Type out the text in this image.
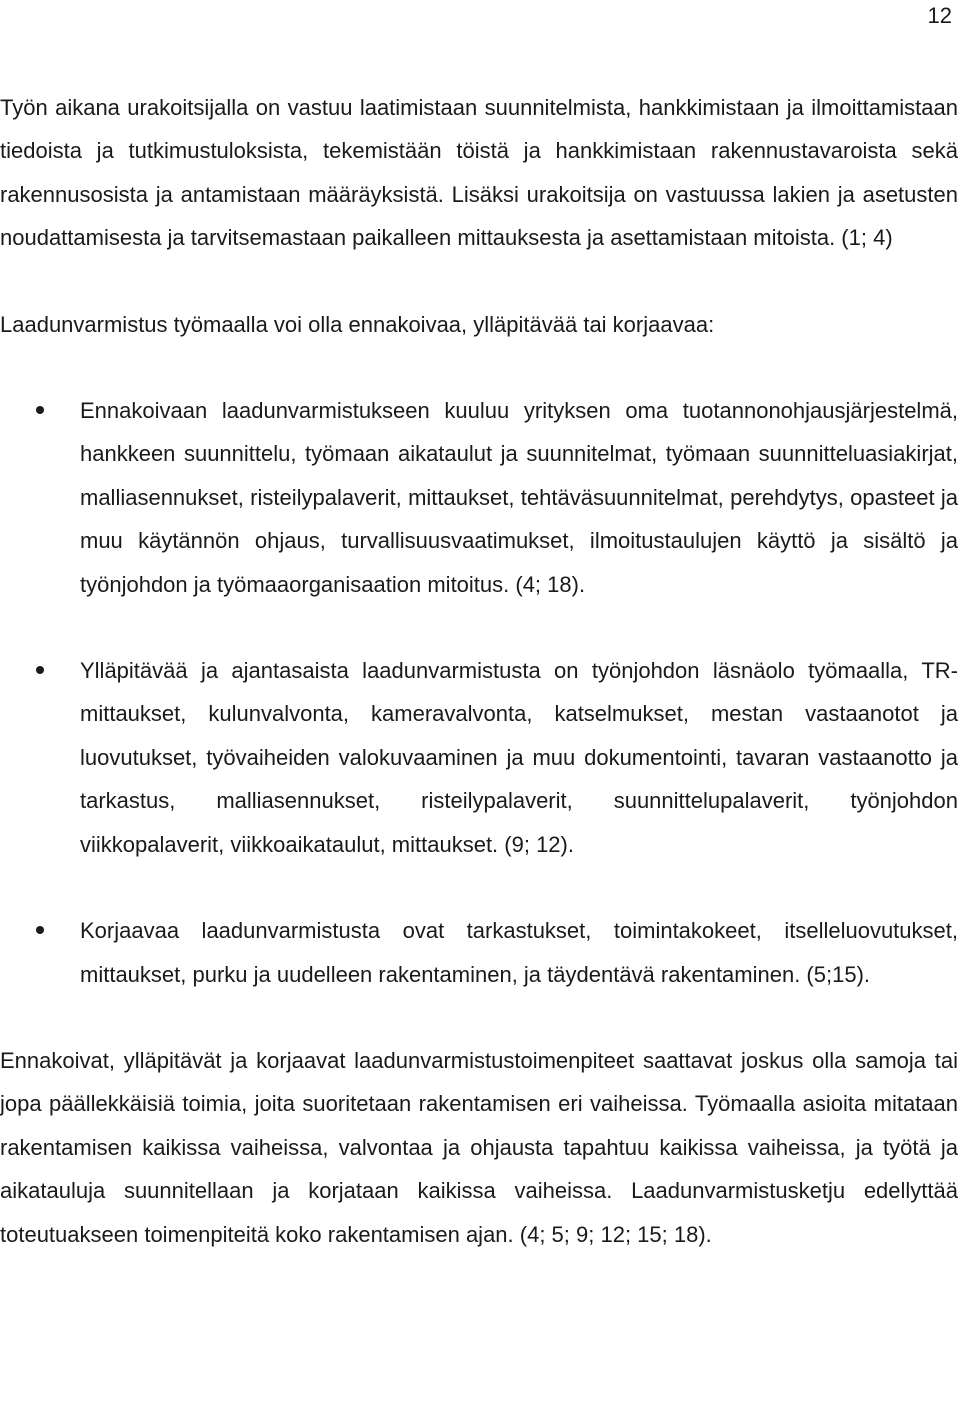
12

Työn aikana urakoitsijalla on vastuu laatimistaan suunnitelmista, hankkimistaan ja ilmoittamistaan tiedoista ja tutkimustuloksista, tekemistään töistä ja hankkimistaan rakennustavaroista sekä rakennusosista ja antamistaan määräyksistä. Lisäksi urakoitsija on vastuussa lakien ja asetusten noudattamisesta ja tarvitsemastaan paikalleen mittauksesta ja asettamistaan mitoista. (1; 4)

Laadunvarmistus työmaalla voi olla ennakoivaa, ylläpitävää tai korjaavaa:

Ennakoivaan laadunvarmistukseen kuuluu yrityksen oma tuotannonohjausjärjestelmä, hankkeen suunnittelu, työmaan aikataulut ja suunnitelmat, työmaan suunnitteluasiakirjat, malliasennukset, risteilypalaverit, mittaukset, tehtäväsuunnitelmat, perehdytys, opasteet ja muu käytännön ohjaus, turvallisuusvaatimukset, ilmoitustaulujen käyttö ja sisältö ja työnjohdon ja työmaaorganisaation mitoitus. (4; 18).

Ylläpitävää ja ajantasaista laadunvarmistusta on työnjohdon läsnäolo työmaalla, TR-mittaukset, kulunvalvonta, kameravalvonta, katselmukset, mestan vastaanotot ja luovutukset, työvaiheiden valokuvaaminen ja muu dokumentointi, tavaran vastaanotto ja tarkastus, malliasennukset, risteilypalaverit, suunnittelupalaverit, työnjohdon viikkopalaverit, viikkoaikataulut, mittaukset. (9; 12).

Korjaavaa laadunvarmistusta ovat tarkastukset, toimintakokeet, itselleluovutukset, mittaukset, purku ja uudelleen rakentaminen, ja täydentävä rakentaminen. (5;15).

Ennakoivat, ylläpitävät ja korjaavat laadunvarmistustoimenpiteet saattavat joskus olla samoja tai jopa päällekkäisiä toimia, joita suoritetaan rakentamisen eri vaiheissa. Työmaalla asioita mitataan rakentamisen kaikissa vaiheissa, valvontaa ja ohjausta tapahtuu kaikissa vaiheissa, ja työtä ja aikatauluja suunnitellaan ja korjataan kaikissa vaiheissa. Laadunvarmistusketju edellyttää toteutuakseen toimenpiteitä koko rakentamisen ajan. (4; 5; 9; 12; 15; 18).
